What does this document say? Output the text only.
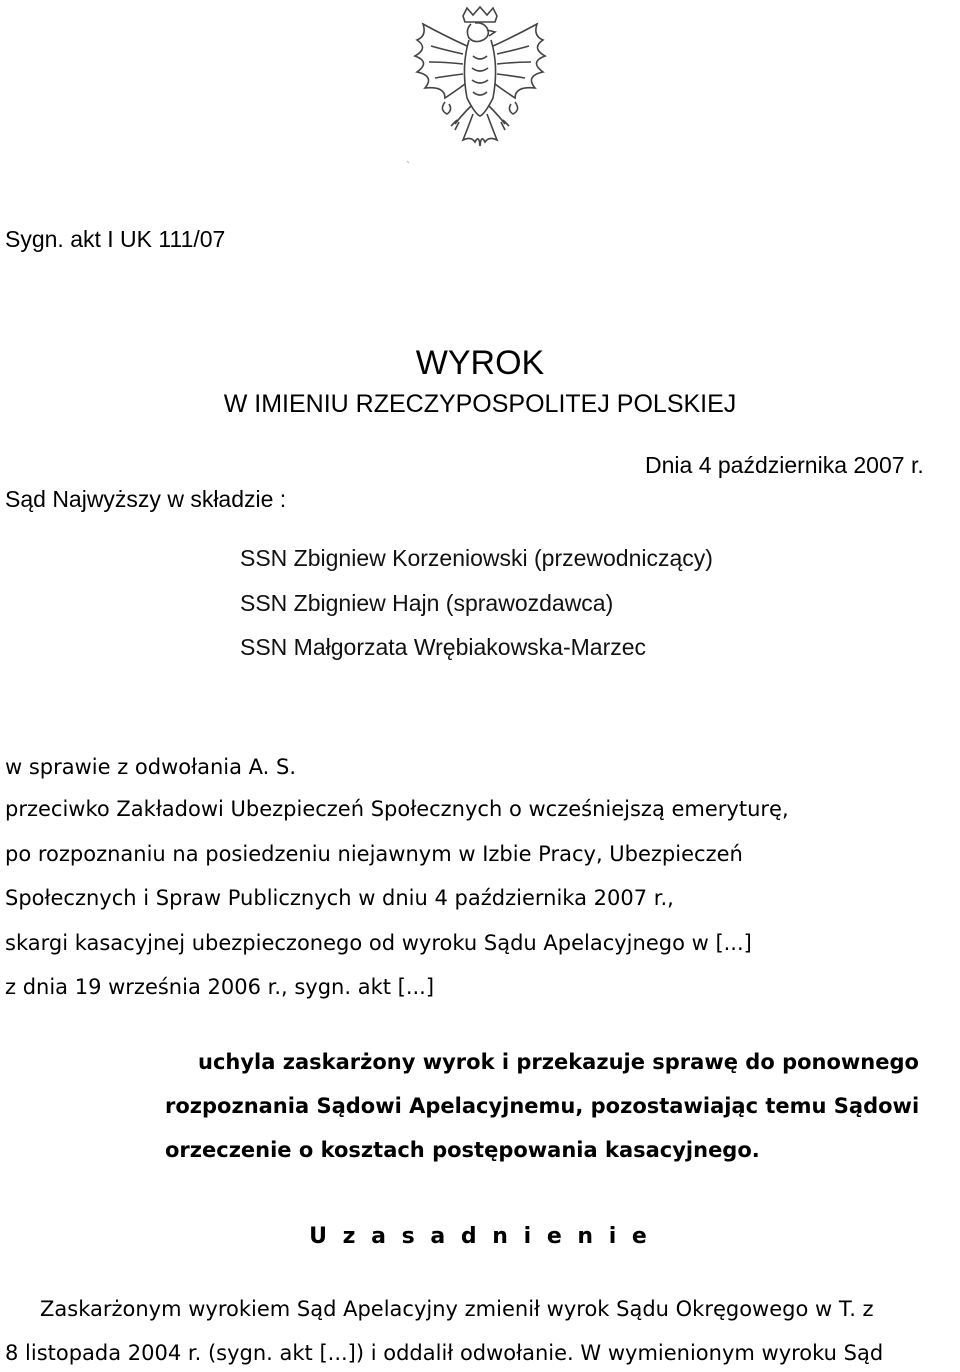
Sygn. akt I UK 111/07
WYROK
W IMIENIU RZECZYPOSPOLITEJ POLSKIEJ
Dnia 4 października 2007 r.
Sąd Najwyższy w składzie :
SSN Zbigniew Korzeniowski (przewodniczący)
SSN Zbigniew Hajn (sprawozdawca)
SSN Małgorzata Wrębiakowska-Marzec
w sprawie z odwołania A. S.
przeciwko Zakładowi Ubezpieczeń Społecznych o wcześniejszą emeryturę,
po rozpoznaniu na posiedzeniu niejawnym w Izbie Pracy, Ubezpieczeń
Społecznych i Spraw Publicznych w dniu 4 października 2007 r.,
skargi kasacyjnej ubezpieczonego od wyroku Sądu Apelacyjnego w [...]
z dnia 19 września 2006 r., sygn. akt [...]
uchyla zaskarżony wyrok i przekazuje sprawę do ponownego
rozpoznania Sądowi Apelacyjnemu, pozostawiając temu Sądowi
orzeczenie o kosztach postępowania kasacyjnego.
U z a s a d n i e n i e
Zaskarżonym wyrokiem Sąd Apelacyjny zmienił wyrok Sądu Okręgowego w T. z
8 listopada 2004 r. (sygn. akt [...]) i oddalił odwołanie. W wymienionym wyroku Sąd
